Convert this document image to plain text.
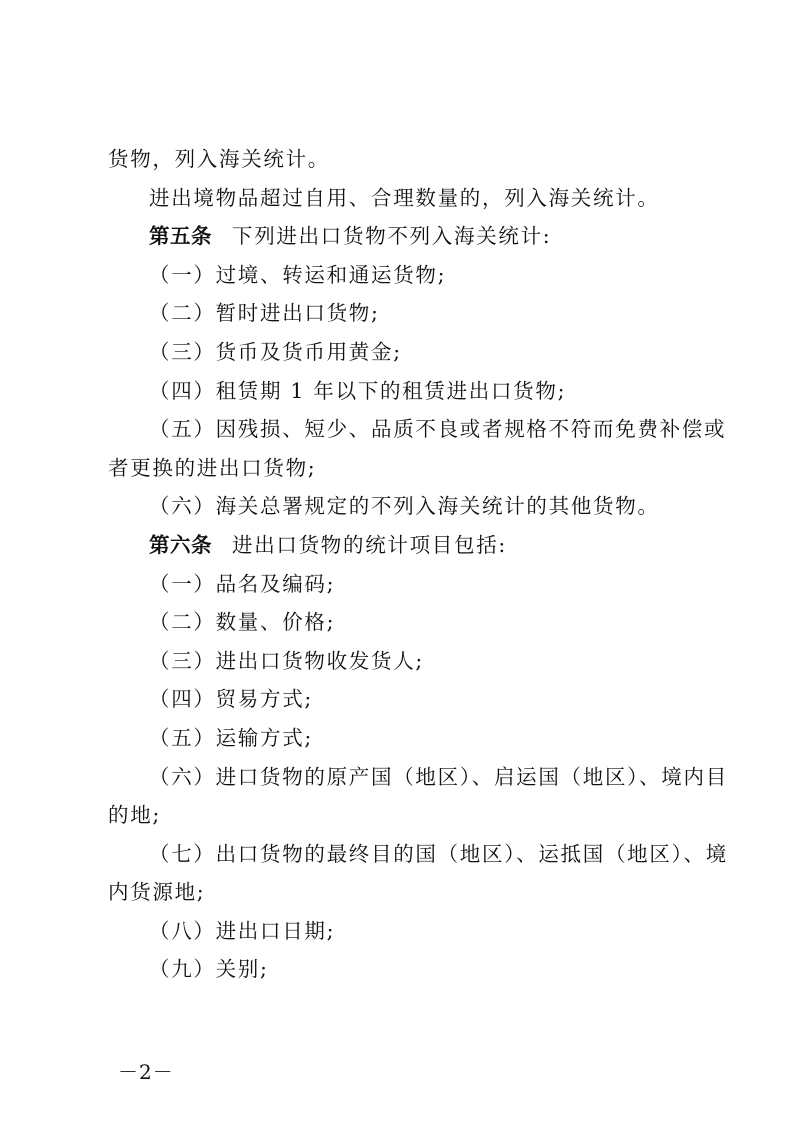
货物，列入海关统计。
进出境物品超过自用、合理数量的，列入海关统计。
第五条 下列进出口货物不列入海关统计:
（一）过境、转运和通运货物;
（二）暂时进出口货物;
（三）货币及货币用黄金;
（四）租赁期 1 年以下的租赁进出口货物;
（五）因残损、短少、品质不良或者规格不符而免费补偿或
者更换的进出口货物;
（六）海关总署规定的不列入海关统计的其他货物。
第六条 进出口货物的统计项目包括:
（一）品名及编码;
（二）数量、价格;
（三）进出口货物收发货人;
（四）贸易方式;
（五）运输方式;
（六）进口货物的原产国（地区）、启运国（地区）、境内目
的地;
（七）出口货物的最终目的国（地区）、运抵国（地区）、境
内货源地;
（八）进出口日期;
（九）关别;
－2－
